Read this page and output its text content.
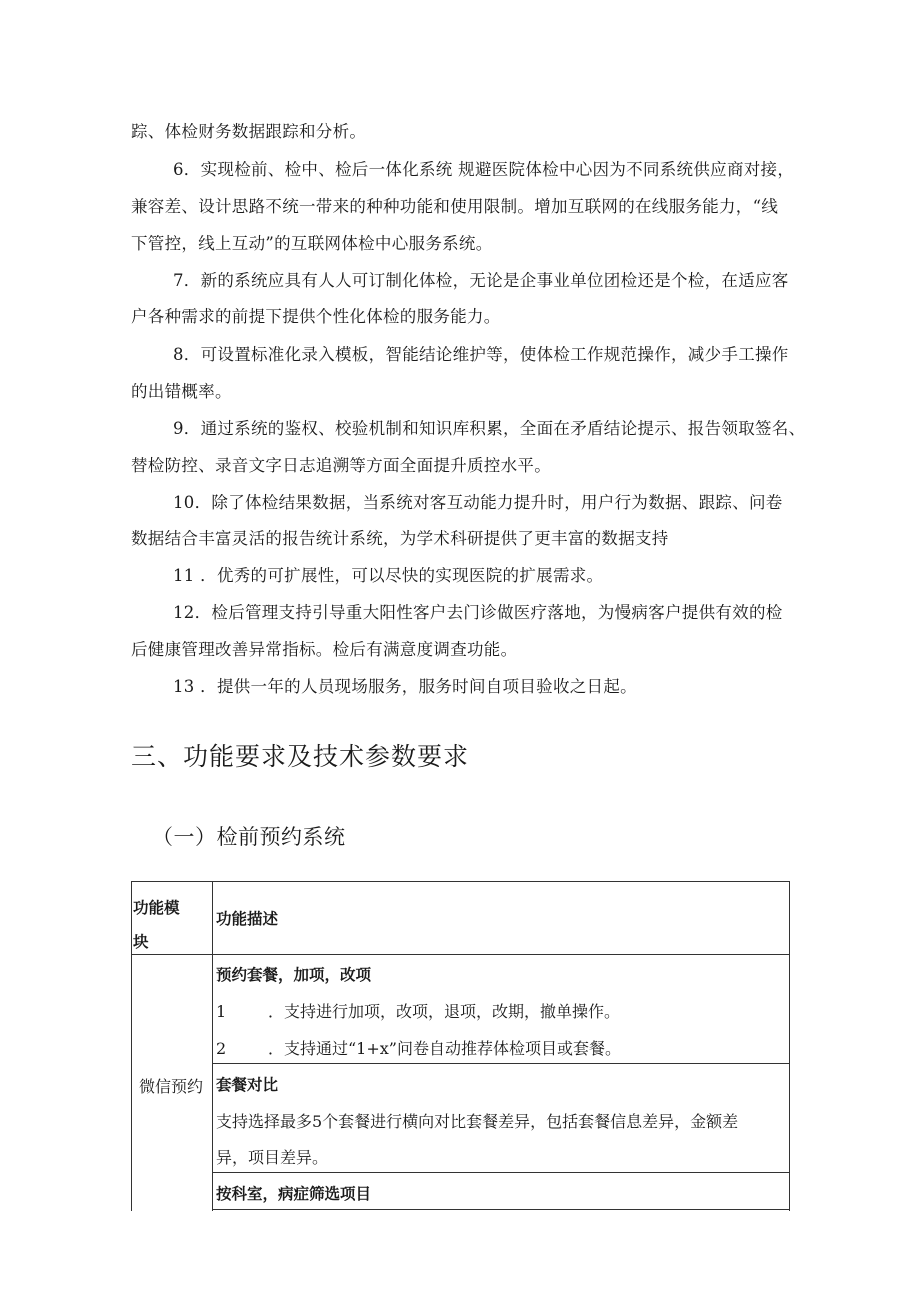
踪、体检财务数据跟踪和分析。
6．实现检前、检中、检后一体化系统 规避医院体检中心因为不同系统供应商对接，
兼容差、设计思路不统一带来的种种功能和使用限制。增加互联网的在线服务能力，“线
下管控，线上互动”的互联网体检中心服务系统。
7．新的系统应具有人人可订制化体检，无论是企事业单位团检还是个检，在适应客
户各种需求的前提下提供个性化体检的服务能力。
8．可设置标准化录入模板，智能结论维护等，使体检工作规范操作，减少手工操作
的出错概率。
9．通过系统的鉴权、校验机制和知识库积累，全面在矛盾结论提示、报告领取签名、
替检防控、录音文字日志追溯等方面全面提升质控水平。
10．除了体检结果数据，当系统对客互动能力提升时，用户行为数据、跟踪、问卷
数据结合丰富灵活的报告统计系统，为学术科研提供了更丰富的数据支持
11 ．优秀的可扩展性，可以尽快的实现医院的扩展需求。
12．检后管理支持引导重大阳性客户去门诊做医疗落地，为慢病客户提供有效的检
后健康管理改善异常指标。检后有满意度调查功能。
13 ．提供一年的人员现场服务，服务时间自项目验收之日起。
三、功能要求及技术参数要求
（一）检前预约系统
功能模
块
功能描述
微信预约
预约套餐，加项，改项
1	．支持进行加项，改项，退项，改期，撤单操作。
2	．支持通过“1+x”问卷自动推荐体检项目或套餐。
套餐对比
支持选择最多5个套餐进行横向对比套餐差异，包括套餐信息差异，金额差
异，项目差异。
按科室，病症筛选项目
